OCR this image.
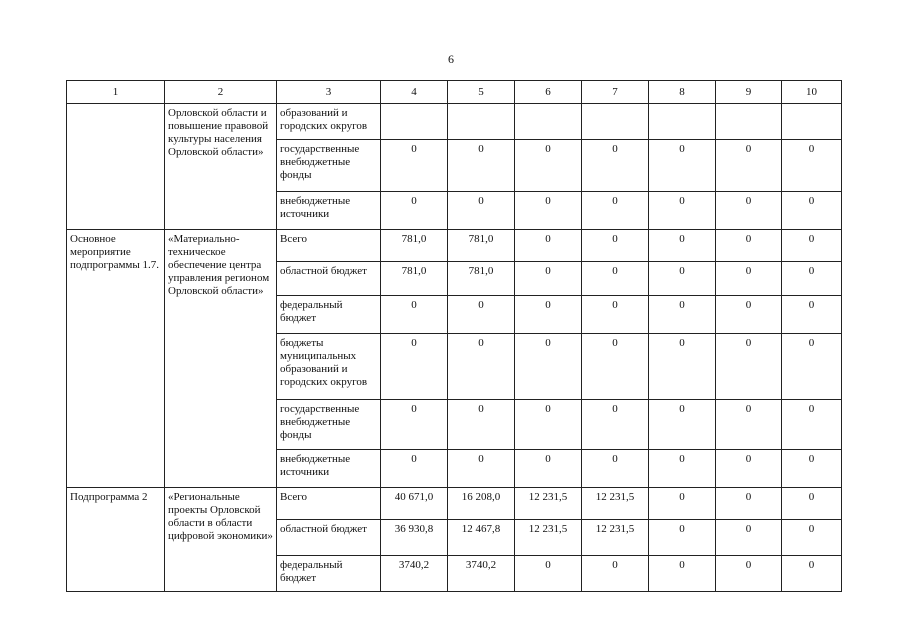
6
1	2	3	4	5	6	7	8	9	10
	Орловской области и повышение правовой культуры населения Орловской области»	образований и городских округов							
		государственные внебюджетные фонды	0	0	0	0	0	0	0
		внебюджетные источники	0	0	0	0	0	0	0
Основное мероприятие подпрограммы 1.7.	«Материально-техническое обеспечение центра управления регионом Орловской области»	Всего	781,0	781,0	0	0	0	0	0
		областной бюджет	781,0	781,0	0	0	0	0	0
		федеральный бюджет	0	0	0	0	0	0	0
		бюджеты муниципальных образований и городских округов	0	0	0	0	0	0	0
		государственные внебюджетные фонды	0	0	0	0	0	0	0
		внебюджетные источники	0	0	0	0	0	0	0
Подпрограмма 2	«Региональные проекты Орловской области в области цифровой экономики»	Всего	40 671,0	16 208,0	12 231,5	12 231,5	0	0	0
		областной бюджет	36 930,8	12 467,8	12 231,5	12 231,5	0	0	0
		федеральный бюджет	3740,2	3740,2	0	0	0	0	0
